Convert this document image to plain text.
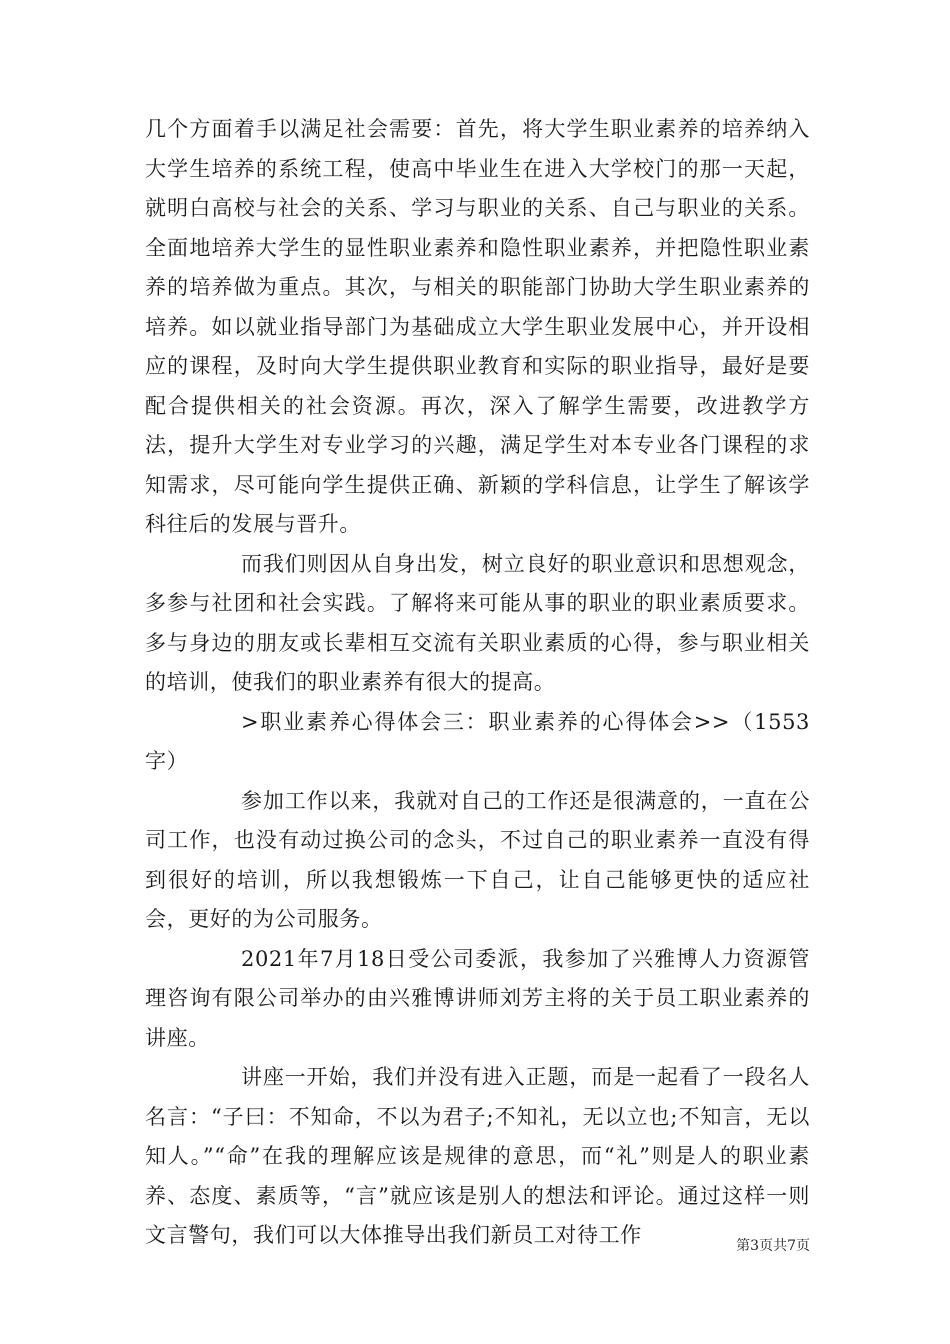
几个方面着手以满足社会需要：首先，将大学生职业素养的培养纳入大学生培养的系统工程，使高中毕业生在进入大学校门的那一天起，就明白高校与社会的关系、学习与职业的关系、自己与职业的关系。全面地培养大学生的显性职业素养和隐性职业素养，并把隐性职业素养的培养做为重点。其次，与相关的职能部门协助大学生职业素养的培养。如以就业指导部门为基础成立大学生职业发展中心，并开设相应的课程，及时向大学生提供职业教育和实际的职业指导，最好是要配合提供相关的社会资源。再次，深入了解学生需要，改进教学方法，提升大学生对专业学习的兴趣，满足学生对本专业各门课程的求知需求，尽可能向学生提供正确、新颖的学科信息，让学生了解该学科往后的发展与晋升。

而我们则因从自身出发，树立良好的职业意识和思想观念，多参与社团和社会实践。了解将来可能从事的职业的职业素质要求。多与身边的朋友或长辈相互交流有关职业素质的心得，参与职业相关的培训，使我们的职业素养有很大的提高。

>职业素养心得体会三：职业素养的心得体会>>（1553字）

参加工作以来，我就对自己的工作还是很满意的，一直在公司工作，也没有动过换公司的念头，不过自己的职业素养一直没有得到很好的培训，所以我想锻炼一下自己，让自己能够更快的适应社会，更好的为公司服务。

2021年7月18日受公司委派，我参加了兴雅博人力资源管理咨询有限公司举办的由兴雅博讲师刘芳主将的关于员工职业素养的讲座。

讲座一开始，我们并没有进入正题，而是一起看了一段名人名言：“子曰：不知命，不以为君子;不知礼，无以立也;不知言，无以知人。”“命”在我的理解应该是规律的意思，而“礼”则是人的职业素养、态度、素质等，“言”就应该是别人的想法和评论。通过这样一则文言警句，我们可以大体推导出我们新员工对待工作	第3页共7页
